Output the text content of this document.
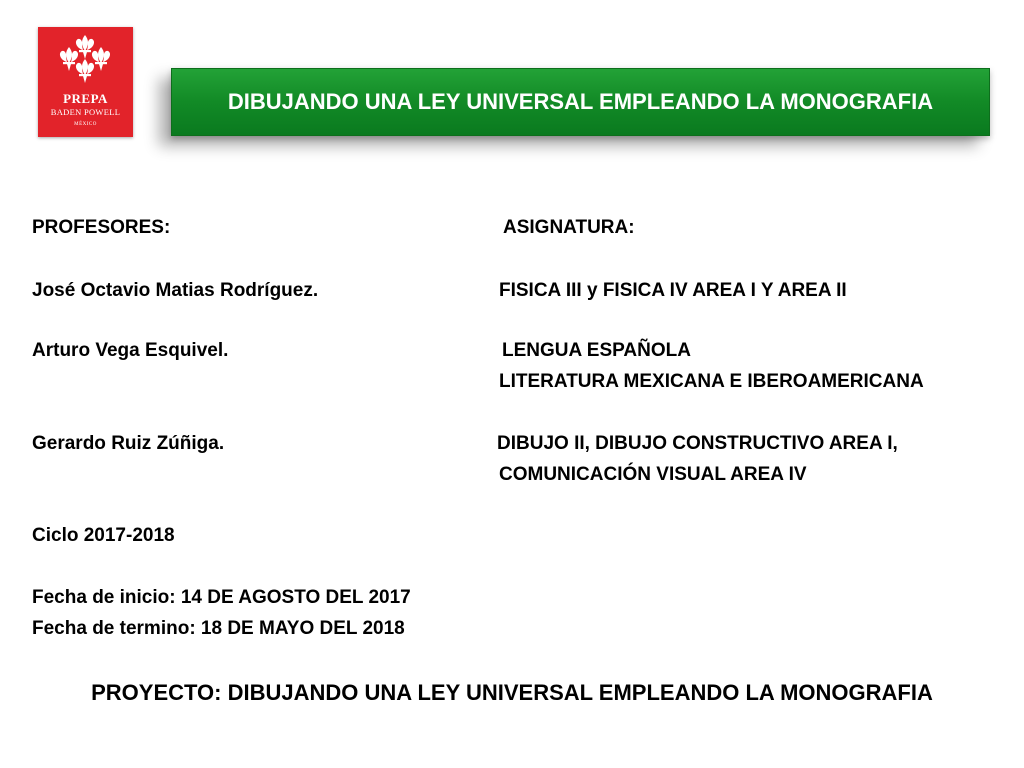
PREPA
BADEN POWELL
MÉXICO
DIBUJANDO UNA LEY UNIVERSAL EMPLEANDO LA MONOGRAFIA
PROFESORES:
José Octavio Matias Rodríguez.
Arturo Vega Esquivel.
Gerardo Ruiz Zúñiga.
ASIGNATURA:
FISICA III y FISICA IV AREA I Y AREA II
LENGUA ESPAÑOLA
LITERATURA MEXICANA E IBEROAMERICANA
DIBUJO II, DIBUJO CONSTRUCTIVO AREA I,
COMUNICACIÓN VISUAL AREA IV
Ciclo 2017-2018
Fecha de inicio: 14 DE AGOSTO DEL 2017
Fecha de termino: 18 DE MAYO DEL 2018
PROYECTO: DIBUJANDO UNA LEY UNIVERSAL EMPLEANDO LA MONOGRAFIA
